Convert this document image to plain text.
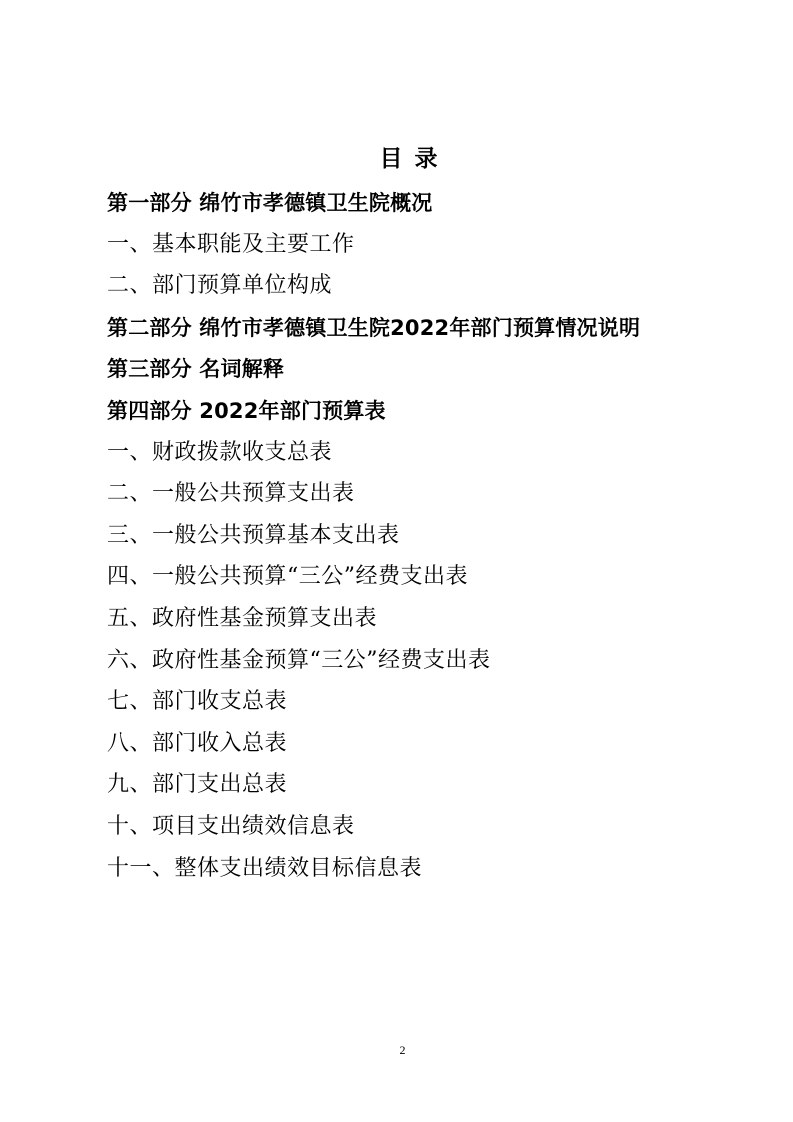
目录
第一部分 绵竹市孝德镇卫生院概况
一、基本职能及主要工作
二、部门预算单位构成
第二部分 绵竹市孝德镇卫生院2022年部门预算情况说明
第三部分 名词解释
第四部分 2022年部门预算表
一、财政拨款收支总表
二、一般公共预算支出表
三、一般公共预算基本支出表
四、一般公共预算“三公”经费支出表
五、政府性基金预算支出表
六、政府性基金预算“三公”经费支出表
七、部门收支总表
八、部门收入总表
九、部门支出总表
十、项目支出绩效信息表
十一、整体支出绩效目标信息表
2
